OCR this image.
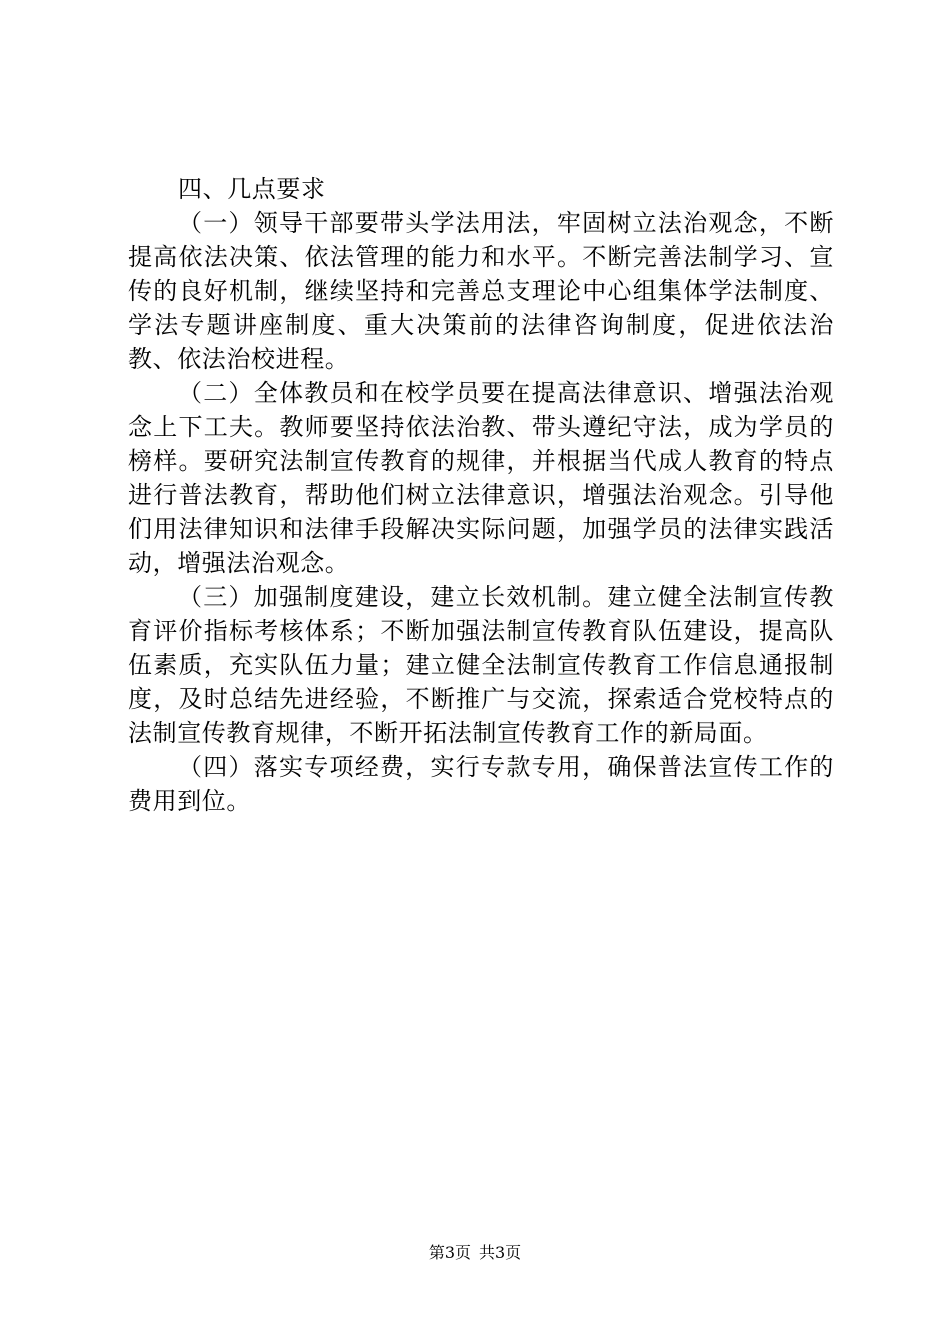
四、几点要求

（一）领导干部要带头学法用法，牢固树立法治观念，不断提高依法决策、依法管理的能力和水平。不断完善法制学习、宣传的良好机制，继续坚持和完善总支理论中心组集体学法制度、学法专题讲座制度、重大决策前的法律咨询制度，促进依法治教、依法治校进程。

（二）全体教员和在校学员要在提高法律意识、增强法治观念上下工夫。教师要坚持依法治教、带头遵纪守法，成为学员的榜样。要研究法制宣传教育的规律，并根据当代成人教育的特点进行普法教育，帮助他们树立法律意识，增强法治观念。引导他们用法律知识和法律手段解决实际问题，加强学员的法律实践活动，增强法治观念。

（三）加强制度建设，建立长效机制。建立健全法制宣传教育评价指标考核体系；不断加强法制宣传教育队伍建设，提高队伍素质，充实队伍力量；建立健全法制宣传教育工作信息通报制度，及时总结先进经验，不断推广与交流，探索适合党校特点的法制宣传教育规律，不断开拓法制宣传教育工作的新局面。

（四）落实专项经费，实行专款专用，确保普法宣传工作的费用到位。

第3页 共3页
